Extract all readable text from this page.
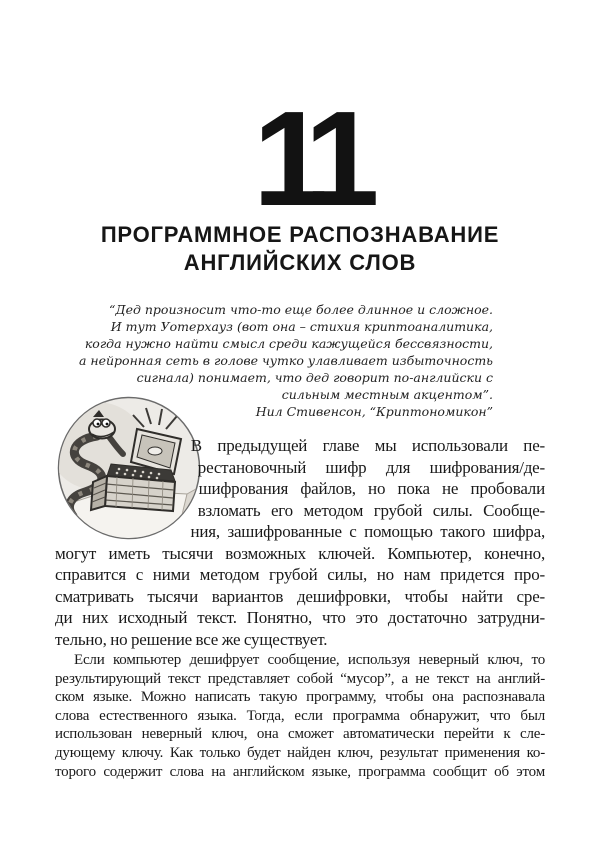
11
ПРОГРАММНОЕ РАСПОЗНАВАНИЕ
АНГЛИЙСКИХ СЛОВ
“Дед произносит что-то еще более длинное и сложное.
И тут Уотерхауз (вот она – стихия криптоаналитика,
когда нужно найти смысл среди кажущейся бессвязности,
а нейронная сеть в голове чутко улавливает избыточность
сигнала) понимает, что дед говорит по-английски с
сильным местным акцентом”.
Нил Стивенсон, “Криптономикон”
В предыдущей главе мы использовали пе-
рестановочный шифр для шифрования/де-
шифрования файлов, но пока не пробовали
взломать его методом грубой силы. Сообще-
ния, зашифрованные с помощью такого шифра,
могут иметь тысячи возможных ключей. Компьютер, конечно,
справится с ними методом грубой силы, но нам придется про-
сматривать тысячи вариантов дешифровки, чтобы найти сре-
ди них исходный текст. Понятно, что это достаточно затрудни-
тельно, но решение все же существует.
Если компьютер дешифрует сообщение, используя неверный ключ, то
результирующий текст представляет собой “мусор”, а не текст на англий-
ском языке. Можно написать такую программу, чтобы она распознавала
слова естественного языка. Тогда, если программа обнаружит, что был
использован неверный ключ, она сможет автоматически перейти к сле-
дующему ключу. Как только будет найден ключ, результат применения ко-
торого содержит слова на английском языке, программа сообщит об этом
